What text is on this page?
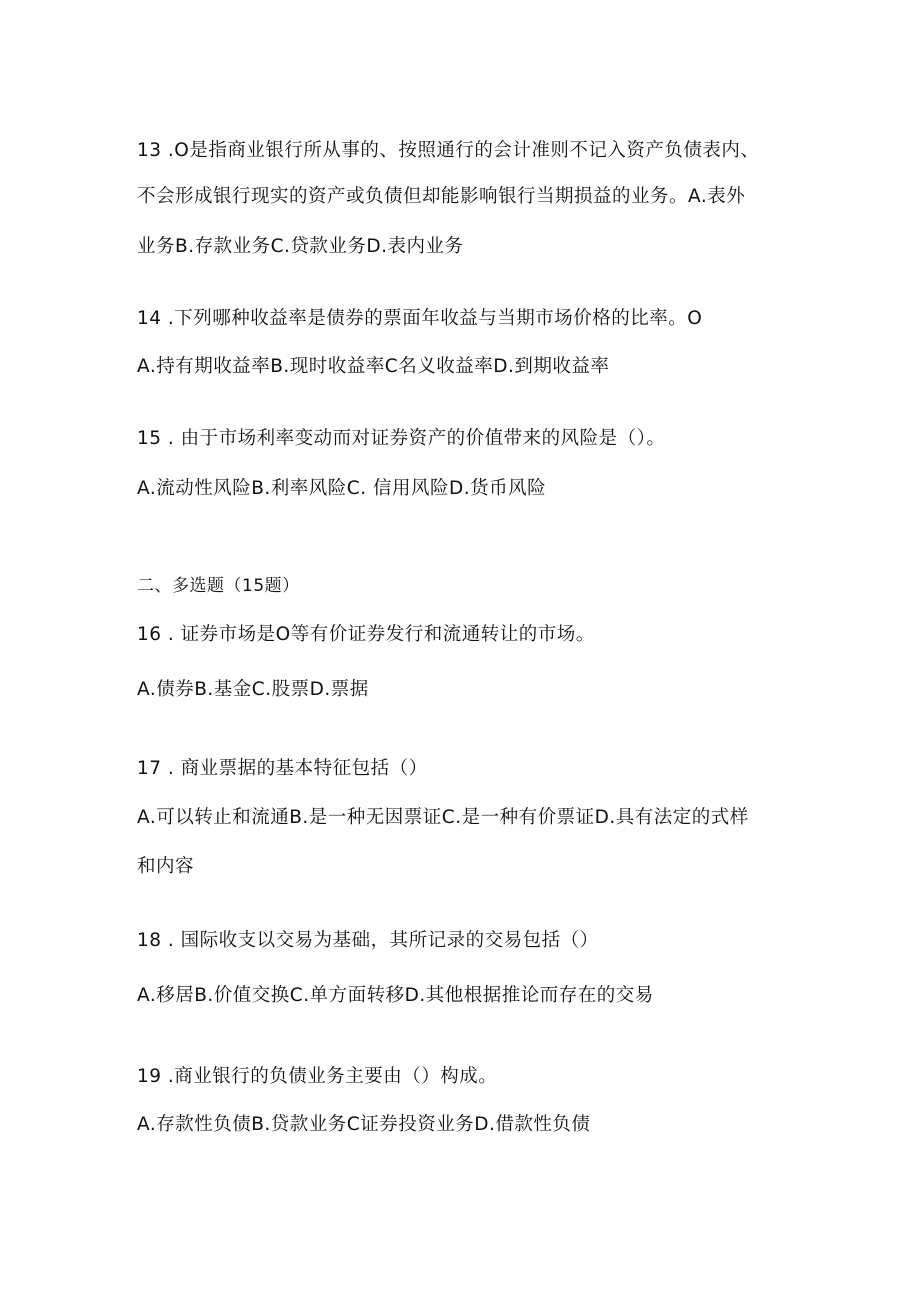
13 .O是指商业银行所从事的、按照通行的会计准则不记入资产负债表内、
不会形成银行现实的资产或负债但却能影响银行当期损益的业务。A.表外
业务B.存款业务C.贷款业务D.表内业务
14 .下列哪种收益率是债券的票面年收益与当期市场价格的比率。O
A.持有期收益率B.现时收益率C名义收益率D.到期收益率
15 . 由于市场利率变动而对证券资产的价值带来的风险是（）。
A.流动性风险B.利率风险C. 信用风险D.货币风险
二、多选题（15题）
16 . 证券市场是O等有价证券发行和流通转让的市场。
A.债券B.基金C.股票D.票据
17 . 商业票据的基本特征包括（）
A.可以转止和流通B.是一种无因票证C.是一种有价票证D.具有法定的式样
和内容
18 . 国际收支以交易为基础，其所记录的交易包括（）
A.移居B.价值交换C.单方面转移D.其他根据推论而存在的交易
19 .商业银行的负债业务主要由（）构成。
A.存款性负债B.贷款业务C证券投资业务D.借款性负债
